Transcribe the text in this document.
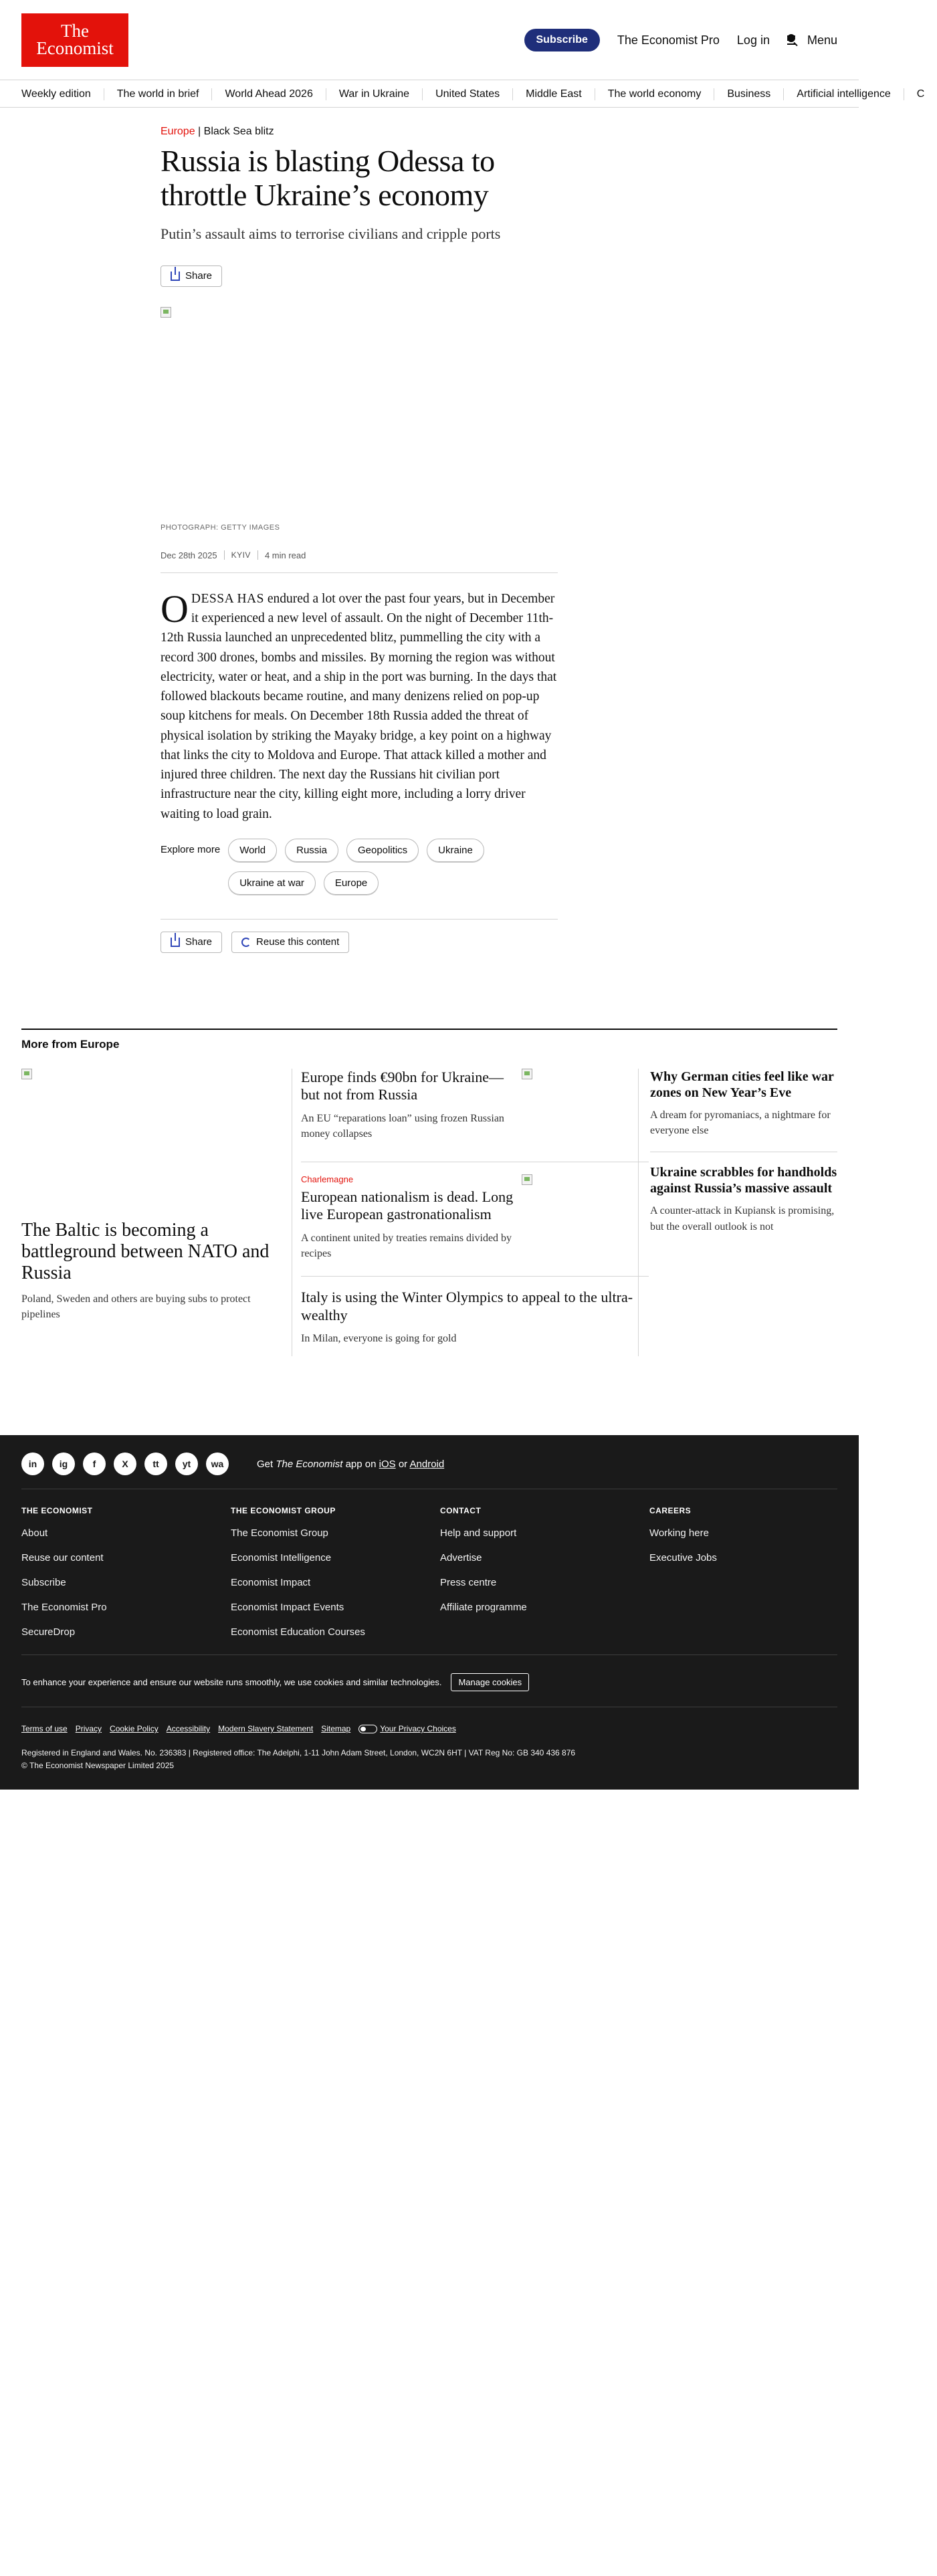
The
Economist	Subscribe	The Economist Pro Log in	Menu
Weekly edition	The world in brief	World Ahead 2026	War in Ukraine	United States	Middle East	The world economy	Business	Artificial intelligence	C
Europe | Black Sea blitz
Russia is blasting Odessa to throttle Ukraine’s economy

Putin’s assault aims to terrorise civilians and cripple ports

Share
PHOTOGRAPH: GETTY IMAGES
Dec 28th 2025 KYIV 4 min read

ODESSA HAS endured a lot over the past four years, but in December it experienced a new level of assault. On the night of December 11th-12th Russia launched an unprecedented blitz, pummelling the city with a record 300 drones, bombs and missiles. By morning the region was without electricity, water or heat, and a ship in the port was burning. In the days that followed blackouts became routine, and many denizens relied on pop-up soup kitchens for meals. On December 18th Russia added the threat of physical isolation by striking the Mayaky bridge, a key point on a highway that links the city to Moldova and Europe. That attack killed a mother and injured three children. The next day the Russians hit civilian port infrastructure near the city, killing eight more, including a lorry driver waiting to load grain.

Explore more	World	Russia	Geopolitics	Ukraine
Ukraine at war	Europe
Share	Reuse this content
More from Europe
The Baltic is becoming a battleground between NATO and Russia
Poland, Sweden and others are buying subs to protect pipelines
Europe finds €90bn for Ukraine—but not from Russia
An EU “reparations loan” using frozen Russian money collapses
Charlemagne
European nationalism is dead. Long live European gastronationalism
A continent united by treaties remains divided by recipes
Italy is using the Winter Olympics to appeal to the ultra-wealthy
In Milan, everyone is going for gold
Why German cities feel like war zones on New Year’s Eve
A dream for pyromaniacs, a nightmare for everyone else
Ukraine scrabbles for handholds against Russia’s massive assault
A counter-attack in Kupiansk is promising, but the overall outlook is not
in	ig	f	X	tt	yt	wa	Get The Economist app on iOS or Android
THE ECONOMIST
About
Reuse our content
Subscribe
The Economist Pro
SecureDrop
THE ECONOMIST GROUP
The Economist Group
Economist Intelligence
Economist Impact
Economist Impact Events
Economist Education Courses
CONTACT
Help and support
Advertise
Press centre
Affiliate programme
CAREERS
Working here
Executive Jobs
To enhance your experience and ensure our website runs smoothly, we use cookies and similar technologies.	Manage cookies
Terms of use Privacy Cookie Policy Accessibility Modern Slavery Statement Sitemap	Your Privacy Choices
Registered in England and Wales. No. 236383 | Registered office: The Adelphi, 1-11 John Adam Street, London, WC2N 6HT | VAT Reg No: GB 340 436 876
© The Economist Newspaper Limited 2025
